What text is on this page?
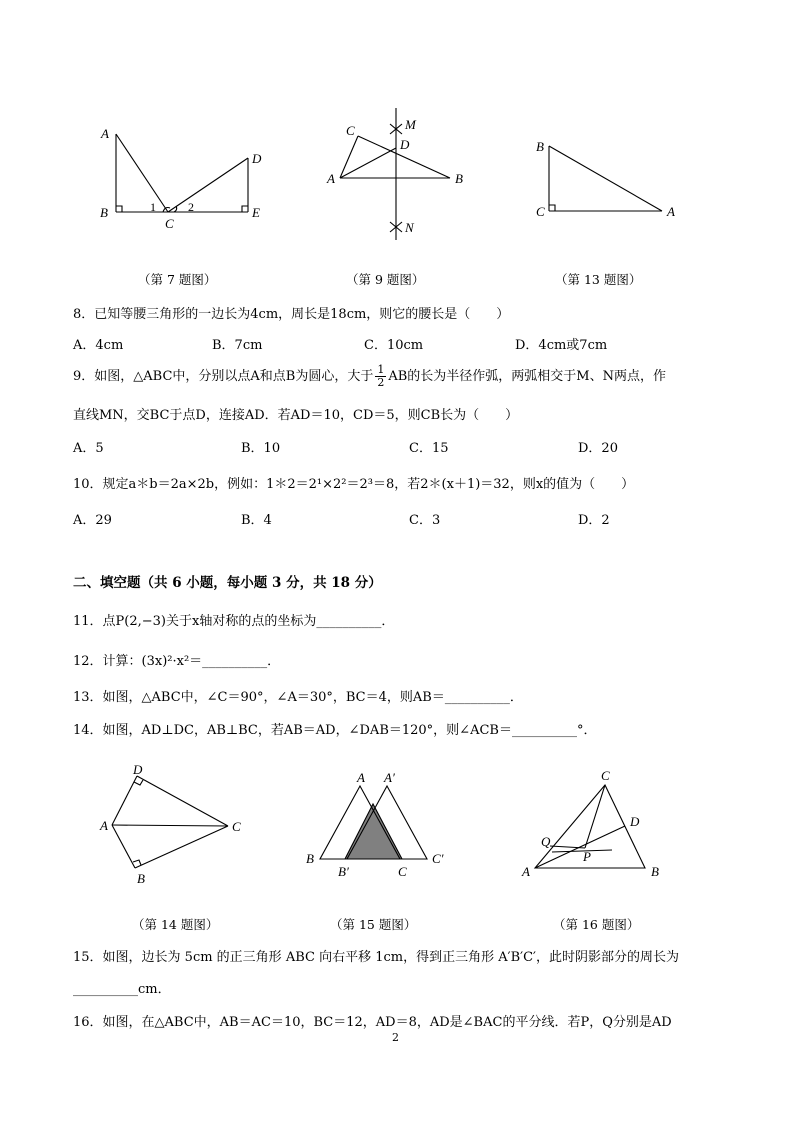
A
B
C
D
E
1	2
A	B
C
D
M
N
B
C	A
（第 7 题图）	（第 9 题图）	（第 13 题图）
8．已知等腰三角形的一边长为4cm，周长是18cm，则它的腰长是（　　）
A．4cm	B．7cm	C．10cm	D．4cm或7cm
9．如图，△ABC中，分别以点A和点B为圆心，大于 $\frac{1}{2}$ AB的长为半径作弧，两弧相交于M、N两点，作
直线MN，交BC于点D，连接AD．若AD＝10，CD＝5，则CB长为（　　）
A．5	B．10	C．15	D．20
10．规定a＊b＝2a×2b，例如：1＊2＝2¹×2²＝2³＝8，若2＊(x＋1)＝32，则x的值为（　　）
A．29	B．4	C．3	D．2
二、填空题（共 6 小题，每小题 3 分，共 18 分）
11．点P(2,−3)关于x轴对称的点的坐标为__________．
12．计算：(3x)²·x²＝__________．
13．如图，△ABC中，∠C＝90°，∠A＝30°，BC＝4，则AB＝__________．
14．如图，AD⊥DC，AB⊥BC，若AB＝AD，∠DAB＝120°，则∠ACB＝__________°．
D
A	C
B
A A′
B
B′	C
C′
C
D
Q
P
A	B
（第 14 题图）	（第 15 题图）	（第 16 题图）
15．如图，边长为 5cm 的正三角形 ABC 向右平移 1cm，得到正三角形 A′B′C′，此时阴影部分的周长为
__________cm．
16．如图，在△ABC中，AB＝AC＝10，BC＝12，AD＝8，AD是∠BAC的平分线．若P，Q分别是AD
2
